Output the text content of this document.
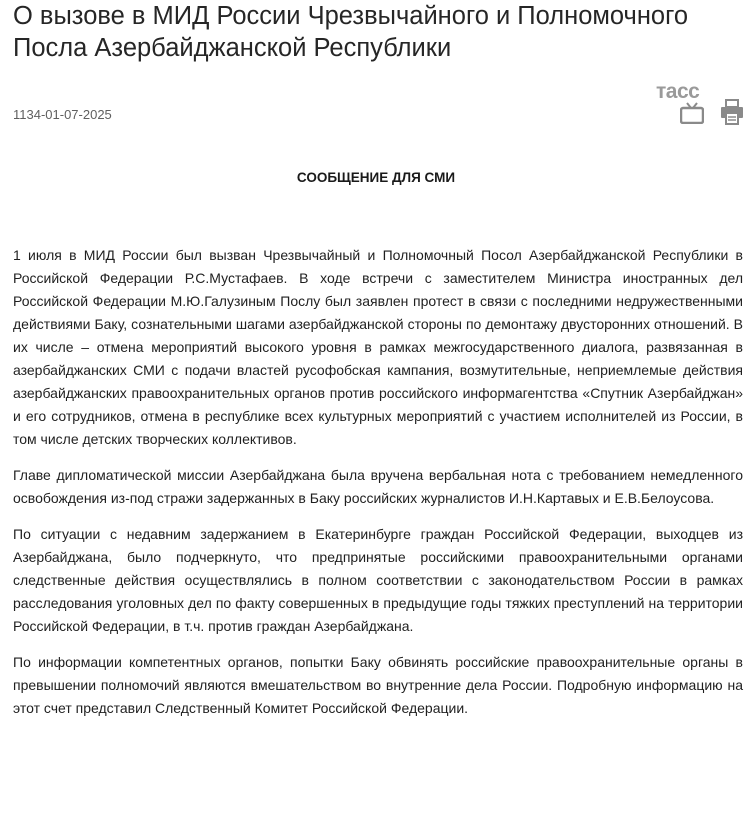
О вызове в МИД России Чрезвычайного и Полномочного Посла Азербайджанской Республики
1134-01-07-2025
тасс
СООБЩЕНИЕ ДЛЯ СМИ

1 июля в МИД России был вызван Чрезвычайный и Полномочный Посол Азербайджанской Республики в Российской Федерации Р.С.Мустафаев. В ходе встречи с заместителем Министра иностранных дел Российской Федерации М.Ю.Галузиным Послу был заявлен протест в связи с последними недружественными действиями Баку, сознательными шагами азербайджанской стороны по демонтажу двусторонних отношений. В их числе – отмена мероприятий высокого уровня в рамках межгосударственного диалога, развязанная в азербайджанских СМИ с подачи властей русофобская кампания, возмутительные, неприемлемые действия азербайджанских правоохранительных органов против российского информагентства «Спутник Азербайджан» и его сотрудников, отмена в республике всех культурных мероприятий с участием исполнителей из России, в том числе детских творческих коллективов.

Главе дипломатической миссии Азербайджана была вручена вербальная нота с требованием немедленного освобождения из-под стражи задержанных в Баку российских журналистов И.Н.Картавых и Е.В.Белоусова.

По ситуации с недавним задержанием в Екатеринбурге граждан Российской Федерации, выходцев из Азербайджана, было подчеркнуто, что предпринятые российскими правоохранительными органами следственные действия осуществлялись в полном соответствии с законодательством России в рамках расследования уголовных дел по факту совершенных в предыдущие годы тяжких преступлений на территории Российской Федерации, в т.ч. против граждан Азербайджана.

По информации компетентных органов, попытки Баку обвинять российские правоохранительные органы в превышении полномочий являются вмешательством во внутренние дела России. Подробную информацию на этот счет представил Следственный Комитет Российской Федерации.
